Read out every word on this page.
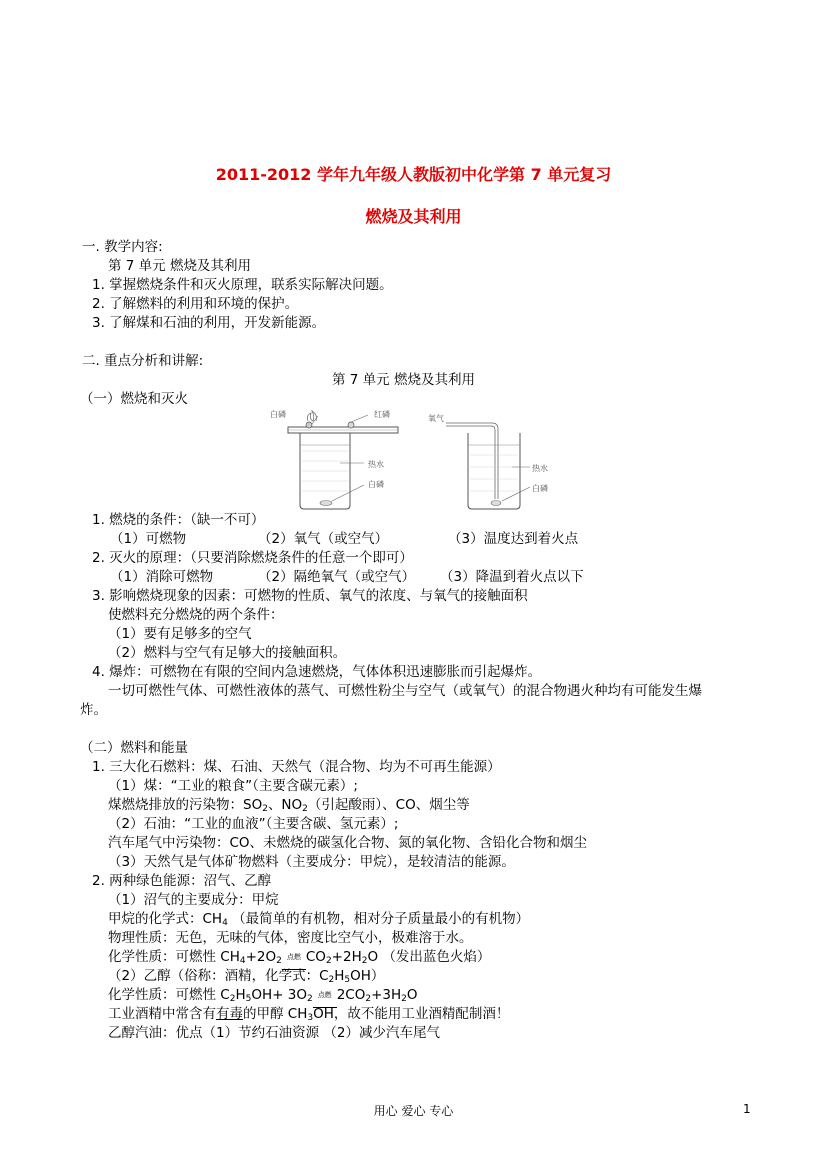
2011-2012 学年九年级人教版初中化学第 7 单元复习
燃烧及其利用
一. 教学内容:
第 7 单元 燃烧及其利用
1. 掌握燃烧条件和灭火原理，联系实际解决问题。
2. 了解燃料的利用和环境的保护。
3. 了解煤和石油的利用，开发新能源。
二. 重点分析和讲解:
第 7 单元 燃烧及其利用
（一）燃烧和灭火
白磷	红磷
热水
白磷
氧气
热水
白磷
1. 燃烧的条件：（缺一不可）
（1）可燃物	（2）氧气（或空气）	（3）温度达到着火点
2. 灭火的原理：（只要消除燃烧条件的任意一个即可）
（1）消除可燃物	（2）隔绝氧气（或空气） （3）降温到着火点以下
3. 影响燃烧现象的因素：可燃物的性质、氧气的浓度、与氧气的接触面积
使燃料充分燃烧的两个条件：
（1）要有足够多的空气
（2）燃料与空气有足够大的接触面积。
4. 爆炸：可燃物在有限的空间内急速燃烧，气体体积迅速膨胀而引起爆炸。
一切可燃性气体、可燃性液体的蒸气、可燃性粉尘与空气（或氧气）的混合物遇火种均有可能发生爆
炸。
（二）燃料和能量
1. 三大化石燃料：煤、石油、天然气（混合物、均为不可再生能源）
（1）煤：“工业的粮食”（主要含碳元素）;
煤燃烧排放的污染物：$SO_2$、$NO_2$（引起酸雨）、CO、烟尘等
（2）石油：“工业的血液”（主要含碳、氢元素）;
汽车尾气中污染物：CO、未燃烧的碳氢化合物、氮的氧化物、含铅化合物和烟尘
（3）天然气是气体矿物燃料（主要成分：甲烷），是较清洁的能源。
2. 两种绿色能源：沼气、乙醇
（1）沼气的主要成分：甲烷
甲烷的化学式：$CH_4$ （最简单的有机物，相对分子质量最小的有机物）
物理性质：无色，无味的气体，密度比空气小，极难溶于水。
化学性质：可燃性 $CH_4+2O_2$ 点燃 $CO_2+2H_2O$ （发出蓝色火焰）
（2）乙醇（俗称：酒精，化学式：$C_2H_5OH$）
化学性质：可燃性 $C_2H_5OH+ 3O_2$ 点燃 $2CO_2+3H_2O$
工业酒精中常含有有毒的甲醇 $CH_3OH$，故不能用工业酒精配制酒！
乙醇汽油：优点（1）节约石油资源 （2）减少汽车尾气
用心 爱心 专心	1
